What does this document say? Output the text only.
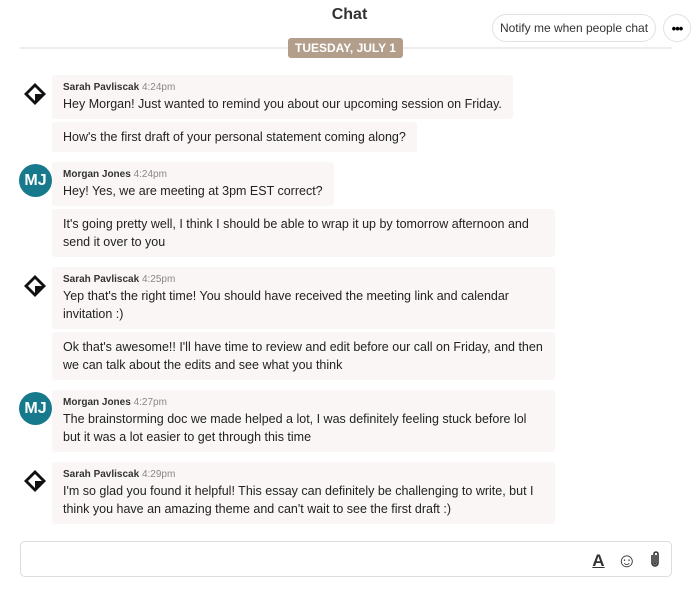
Chat
Notify me when people chat	•••
TUESDAY, JULY 1
Sarah Pavliscak 4:24pm
Hey Morgan! Just wanted to remind you about our upcoming session on Friday.
How's the first draft of your personal statement coming along?
MJ	Morgan Jones 4:24pm
Hey! Yes, we are meeting at 3pm EST correct?
It's going pretty well, I think I should be able to wrap it up by tomorrow afternoon and send it over to you
Sarah Pavliscak 4:25pm
Yep that's the right time! You should have received the meeting link and calendar invitation :)
Ok that's awesome!! I'll have time to review and edit before our call on Friday, and then we can talk about the edits and see what you think
MJ	Morgan Jones 4:27pm
The brainstorming doc we made helped a lot, I was definitely feeling stuck before lol but it was a lot easier to get through this time
Sarah Pavliscak 4:29pm
I'm so glad you found it helpful! This essay can definitely be challenging to write, but I think you have an amazing theme and can't wait to see the first draft :)
A ☺
